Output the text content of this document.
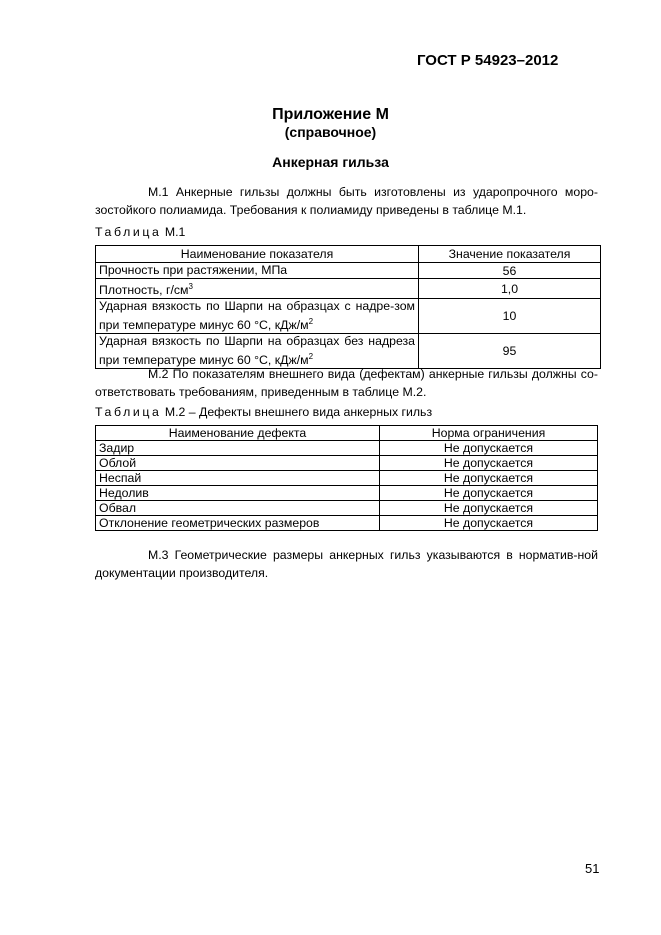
ГОСТ Р 54923–2012
Приложение М
(справочное)
Анкерная гильза

М.1 Анкерные гильзы должны быть изготовлены из ударопрочного моро-зостойкого полиамида. Требования к полиамиду приведены в таблице М.1.

Таблица М.1
Наименование показателя	Значение показателя
Прочность при растяжении, МПа	56
Плотность, $г/см^3$	1,0
Ударная вязкость по Шарпи на образцах с надре-зом при температуре минус 60 °С, кДж/$м^2$	10
Ударная вязкость по Шарпи на образцах без надреза при температуре минус 60 °С, кДж/$м^2$	95

М.2 По показателям внешнего вида (дефектам) анкерные гильзы должны со-ответствовать требованиям, приведенным в таблице М.2.

Таблица М.2 – Дефекты внешнего вида анкерных гильз
Наименование дефекта	Норма ограничения
Задир	Не допускается
Облой	Не допускается
Неспай	Не допускается
Недолив	Не допускается
Обвал	Не допускается
Отклонение геометрических размеров	Не допускается

М.3 Геометрические размеры анкерных гильз указываются в норматив-ной документации производителя.

51
